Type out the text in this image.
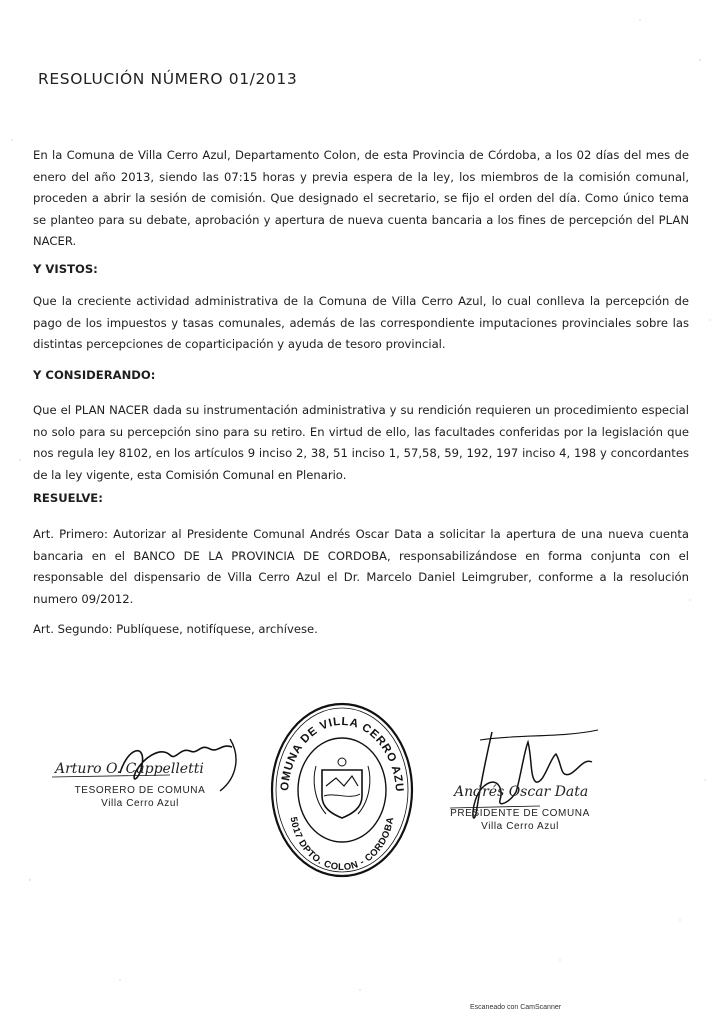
RESOLUCIÓN NÚMERO 01/2013
En la Comuna de Villa Cerro Azul, Departamento Colon, de esta Provincia de Córdoba, a los 02 días del mes de enero del año 2013, siendo las 07:15 horas y previa espera de la ley, los miembros de la comisión comunal, proceden a abrir la sesión de comisión. Que designado el secretario, se fijo el orden del día. Como único tema se planteo para su debate, aprobación y apertura de nueva cuenta bancaria a los fines de percepción del PLAN NACER.
Y VISTOS:
Que la creciente actividad administrativa de la Comuna de Villa Cerro Azul, lo cual conlleva la percepción de pago de los impuestos y tasas comunales, además de las correspondiente imputaciones provinciales sobre las distintas percepciones de coparticipación y ayuda de tesoro provincial.
Y CONSIDERANDO:
Que el PLAN NACER dada su instrumentación administrativa y su rendición requieren un procedimiento especial no solo para su percepción sino para su retiro. En virtud de ello, las facultades conferidas por la legislación que nos regula ley 8102, en los artículos 9 inciso 2, 38, 51 inciso 1, 57,58, 59, 192, 197 inciso 4, 198 y concordantes de la ley vigente, esta Comisión Comunal en Plenario.
RESUELVE:
Art. Primero: Autorizar al Presidente Comunal Andrés Oscar Data a solicitar la apertura de una nueva cuenta bancaria en el BANCO DE LA PROVINCIA DE CORDOBA, responsabilizándose en forma conjunta con el responsable del dispensario de Villa Cerro Azul el Dr. Marcelo Daniel Leimgruber, conforme a la resolución numero 09/2012.
Art. Segundo: Publíquese, notifíquese, archívese.
Arturo O. Cappelletti
TESORERO DE COMUNA
Villa Cerro Azul
OMUNA DE VILLA CERRO AZU
5017 DPTO. COLON - CORDOBA
Andrés Oscar Data
PRESIDENTE DE COMUNA
Villa Cerro Azul
Escaneado con CamScanner
